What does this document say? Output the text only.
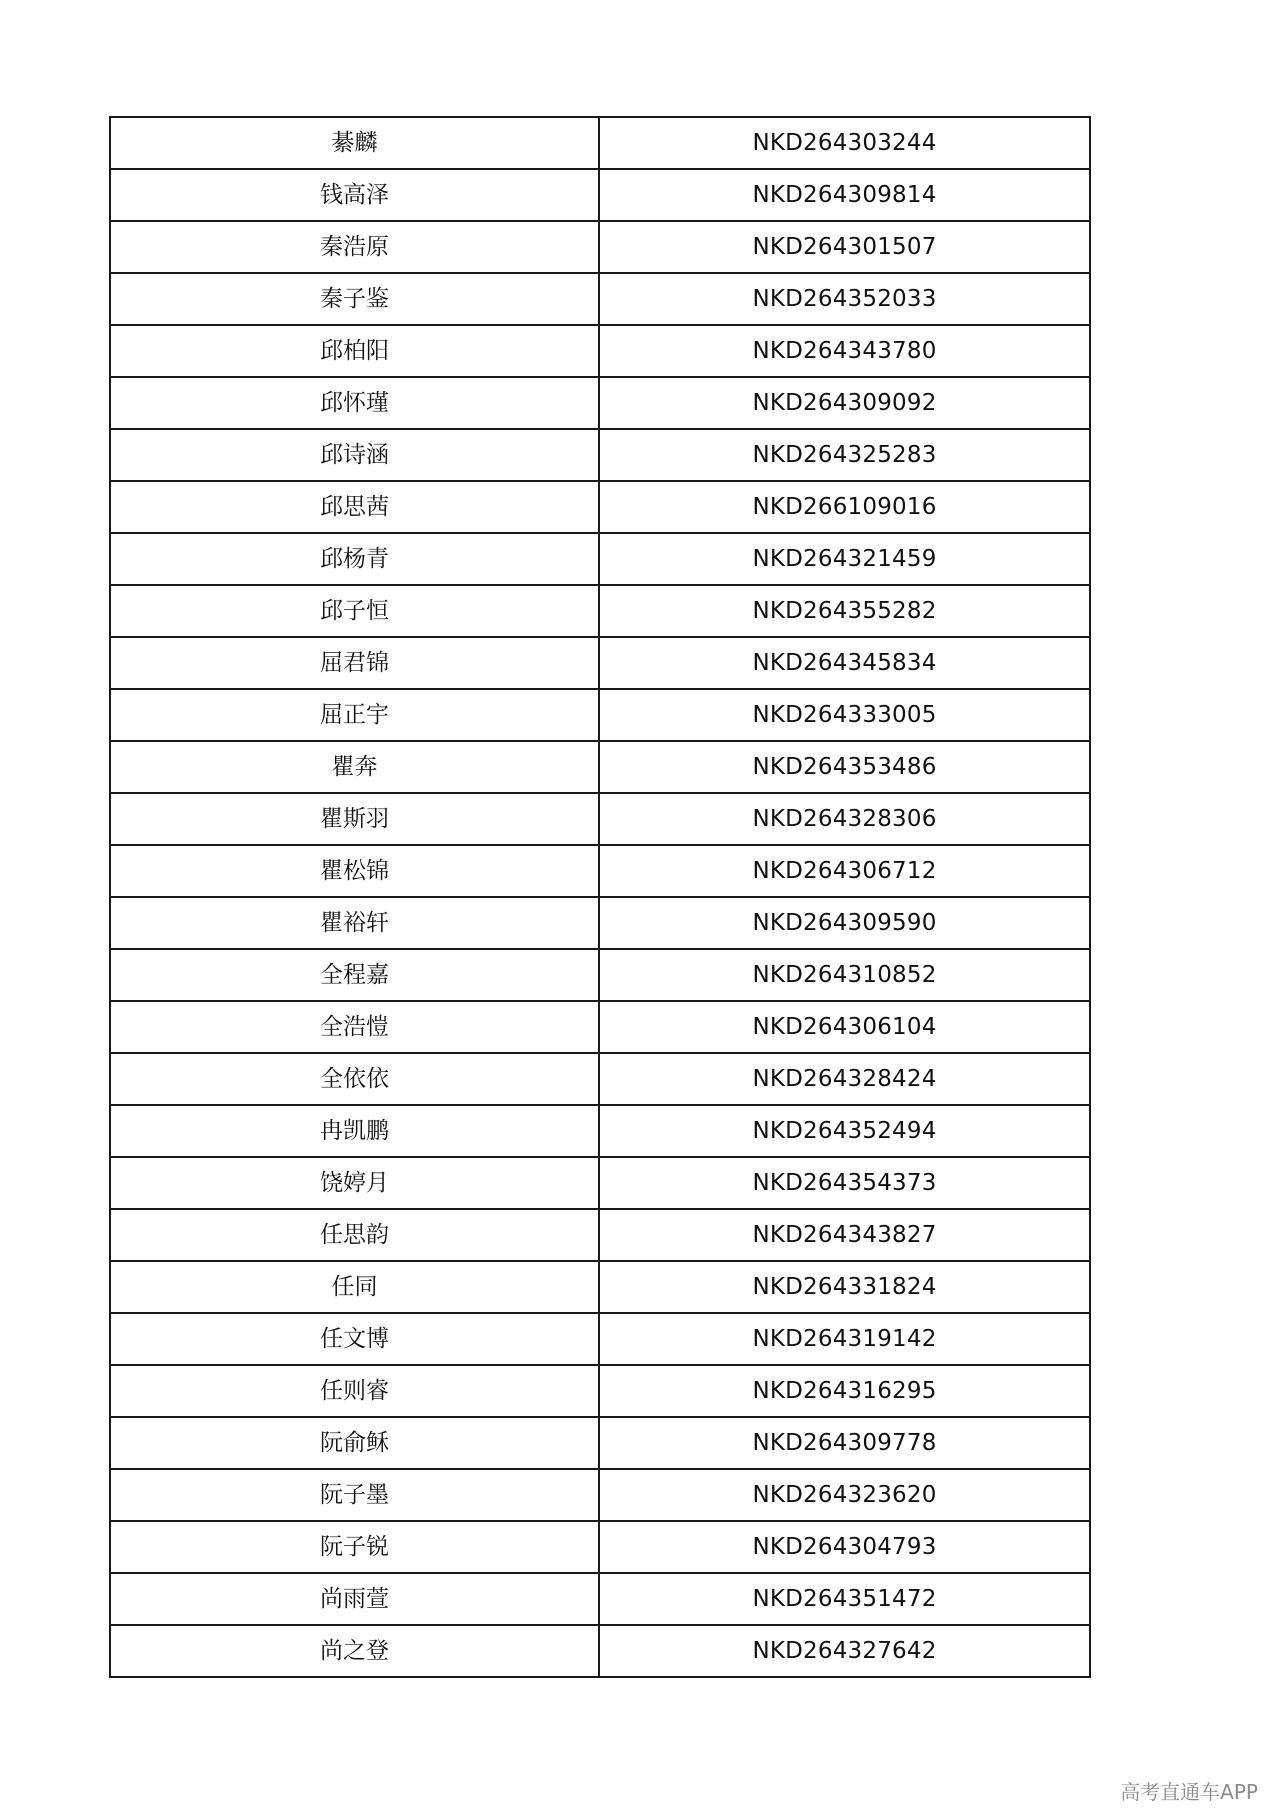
綦麟	NKD264303244
钱高泽	NKD264309814
秦浩原	NKD264301507
秦子鉴	NKD264352033
邱柏阳	NKD264343780
邱怀瑾	NKD264309092
邱诗涵	NKD264325283
邱思茜	NKD266109016
邱杨青	NKD264321459
邱子恒	NKD264355282
屈君锦	NKD264345834
屈正宇	NKD264333005
瞿奔	NKD264353486
瞿斯羽	NKD264328306
瞿松锦	NKD264306712
瞿裕轩	NKD264309590
全程嘉	NKD264310852
全浩愷	NKD264306104
全依依	NKD264328424
冉凯鹏	NKD264352494
饶婷月	NKD264354373
任思韵	NKD264343827
任同	NKD264331824
任文博	NKD264319142
任则睿	NKD264316295
阮俞稣	NKD264309778
阮子墨	NKD264323620
阮子锐	NKD264304793
尚雨萱	NKD264351472
尚之登	NKD264327642
高考直通车APP
